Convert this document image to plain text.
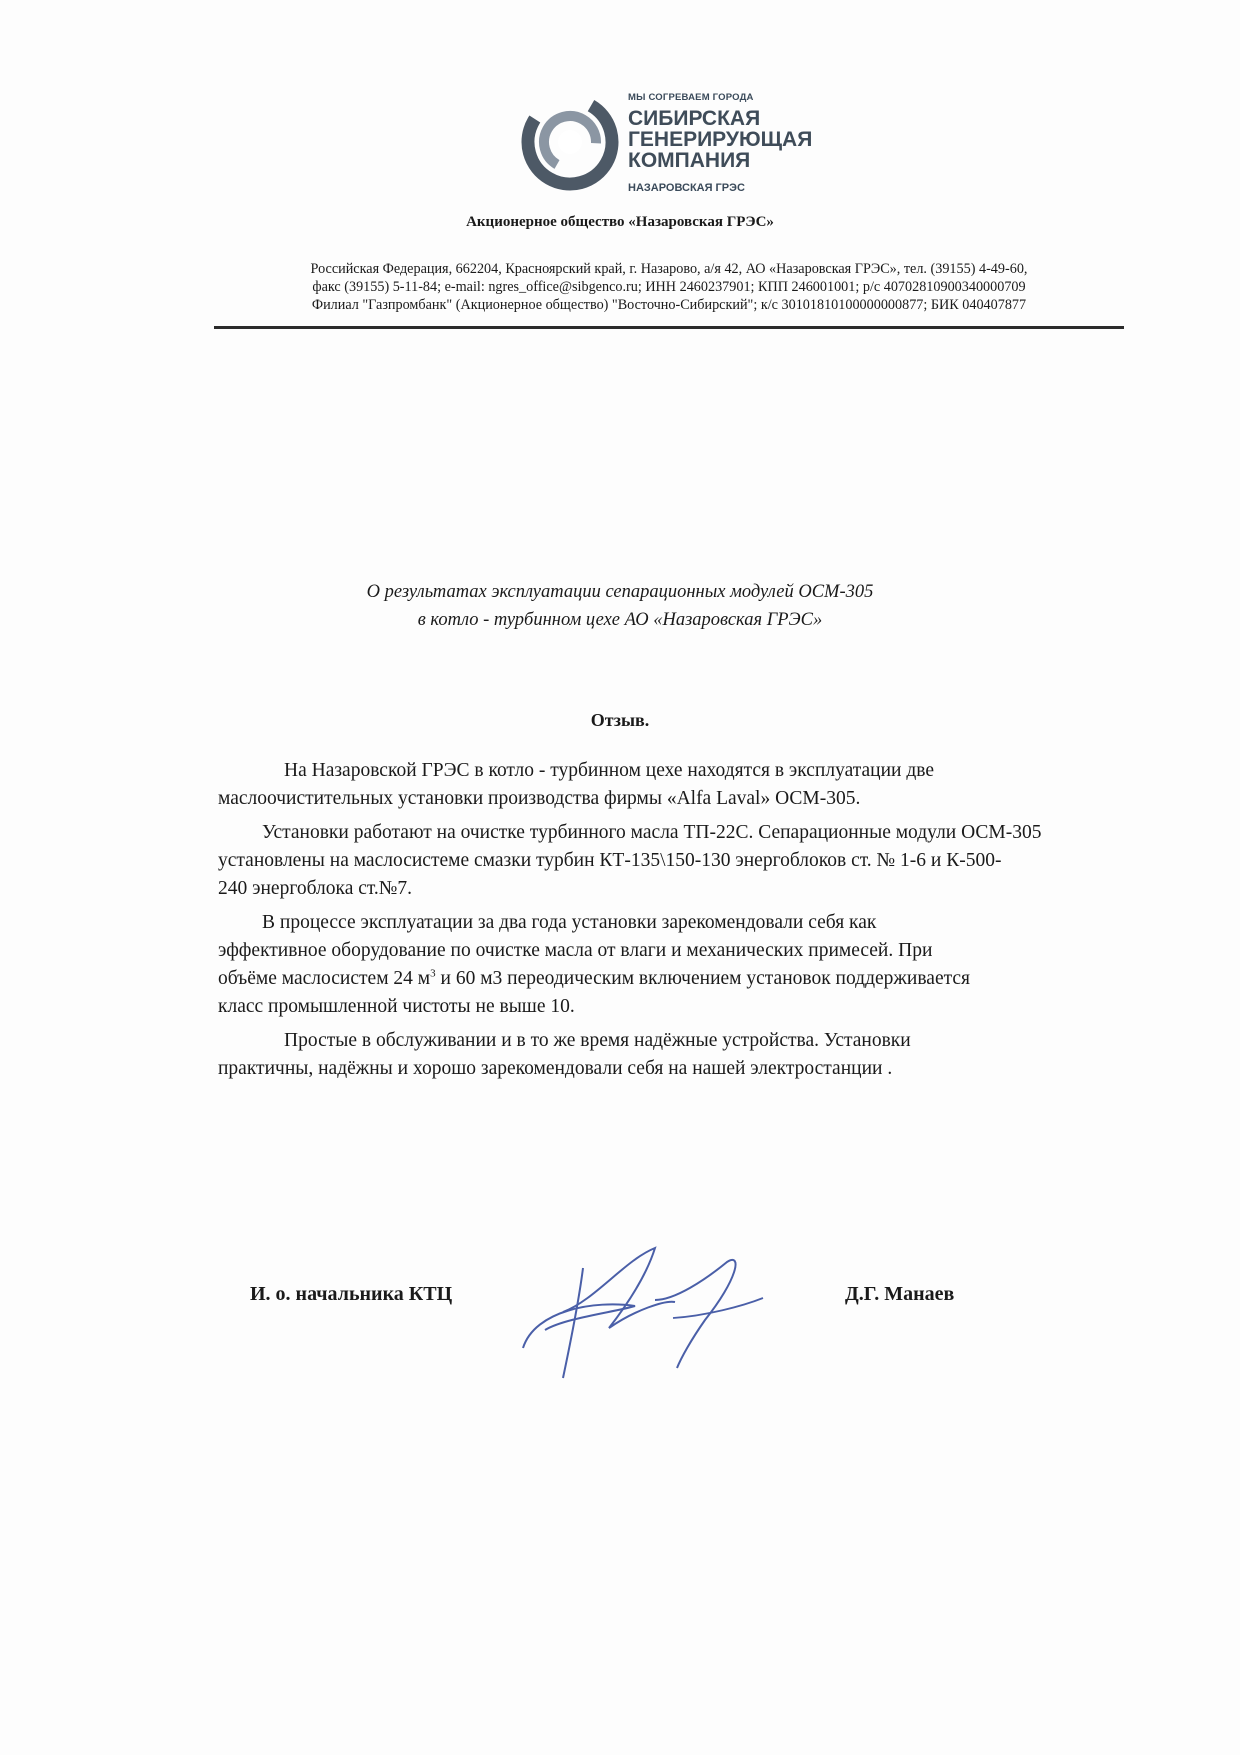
МЫ СОГРЕВАЕМ ГОРОДА
СИБИРСКАЯ
ГЕНЕРИРУЮЩАЯ
КОМПАНИЯ
НАЗАРОВСКАЯ ГРЭС
Акционерное общество «Назаровская ГРЭС»
Российская Федерация, 662204, Красноярский край, г. Назарово, а/я 42, АО «Назаровская ГРЭС», тел. (39155) 4-49-60,
факс (39155) 5-11-84; e-mail: ngres_office@sibgenco.ru; ИНН 2460237901; КПП 246001001; р/с 40702810900340000709
Филиал "Газпромбанк" (Акционерное общество) "Восточно-Сибирский"; к/с 30101810100000000877; БИК 040407877
О результатах эксплуатации сепарационных модулей ОСМ-305
в котло - турбинном цехе АО «Назаровская ГРЭС»
Отзыв.
На Назаровской ГРЭС в котло - турбинном цехе находятся в эксплуатации две
маслоочистительных установки производства фирмы «Alfa Laval» ОСМ-305.
Установки работают на очистке турбинного масла ТП-22С. Сепарационные модули ОСМ-305
установлены на маслосистеме смазки турбин КТ-135\150-130 энергоблоков ст. № 1-6 и К-500-
240 энергоблока ст.№7.
В процессе эксплуатации за два года установки зарекомендовали себя как
эффективное оборудование по очистке масла от влаги и механических примесей. При
объёме маслосистем 24 $м^3$ и 60 м3 переодическим включением установок поддерживается
класс промышленной чистоты не выше 10.
Простые в обслуживании и в то же время надёжные устройства. Установки
практичны, надёжны и хорошо зарекомендовали себя на нашей электростанции .
И. о. начальника КТЦ	Д.Г. Манаев
